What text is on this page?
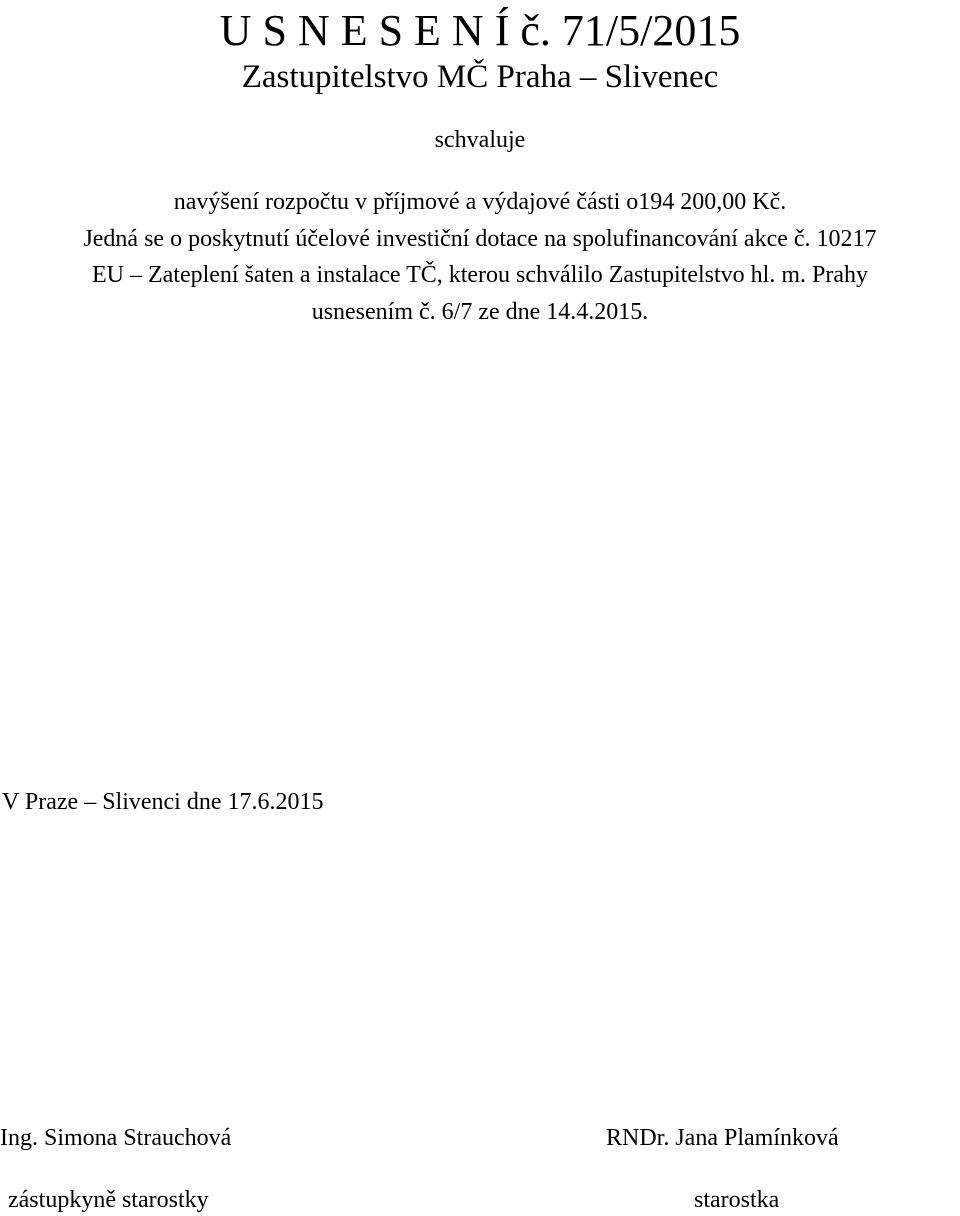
U S N E S E N Í č. 71/5/2015
Zastupitelstvo MČ Praha – Slivenec
schvaluje
navýšení rozpočtu v příjmové a výdajové části o194 200,00 Kč.
Jedná se o poskytnutí účelové investiční dotace na spolufinancování akce č. 10217
EU – Zateplení šaten a instalace TČ, kterou schválilo Zastupitelstvo hl. m. Prahy
usnesením č. 6/7 ze dne 14.4.2015.
V Praze – Slivenci dne 17.6.2015
Ing. Simona Strauchová
zástupkyně starostky
RNDr. Jana Plamínková
starostka
